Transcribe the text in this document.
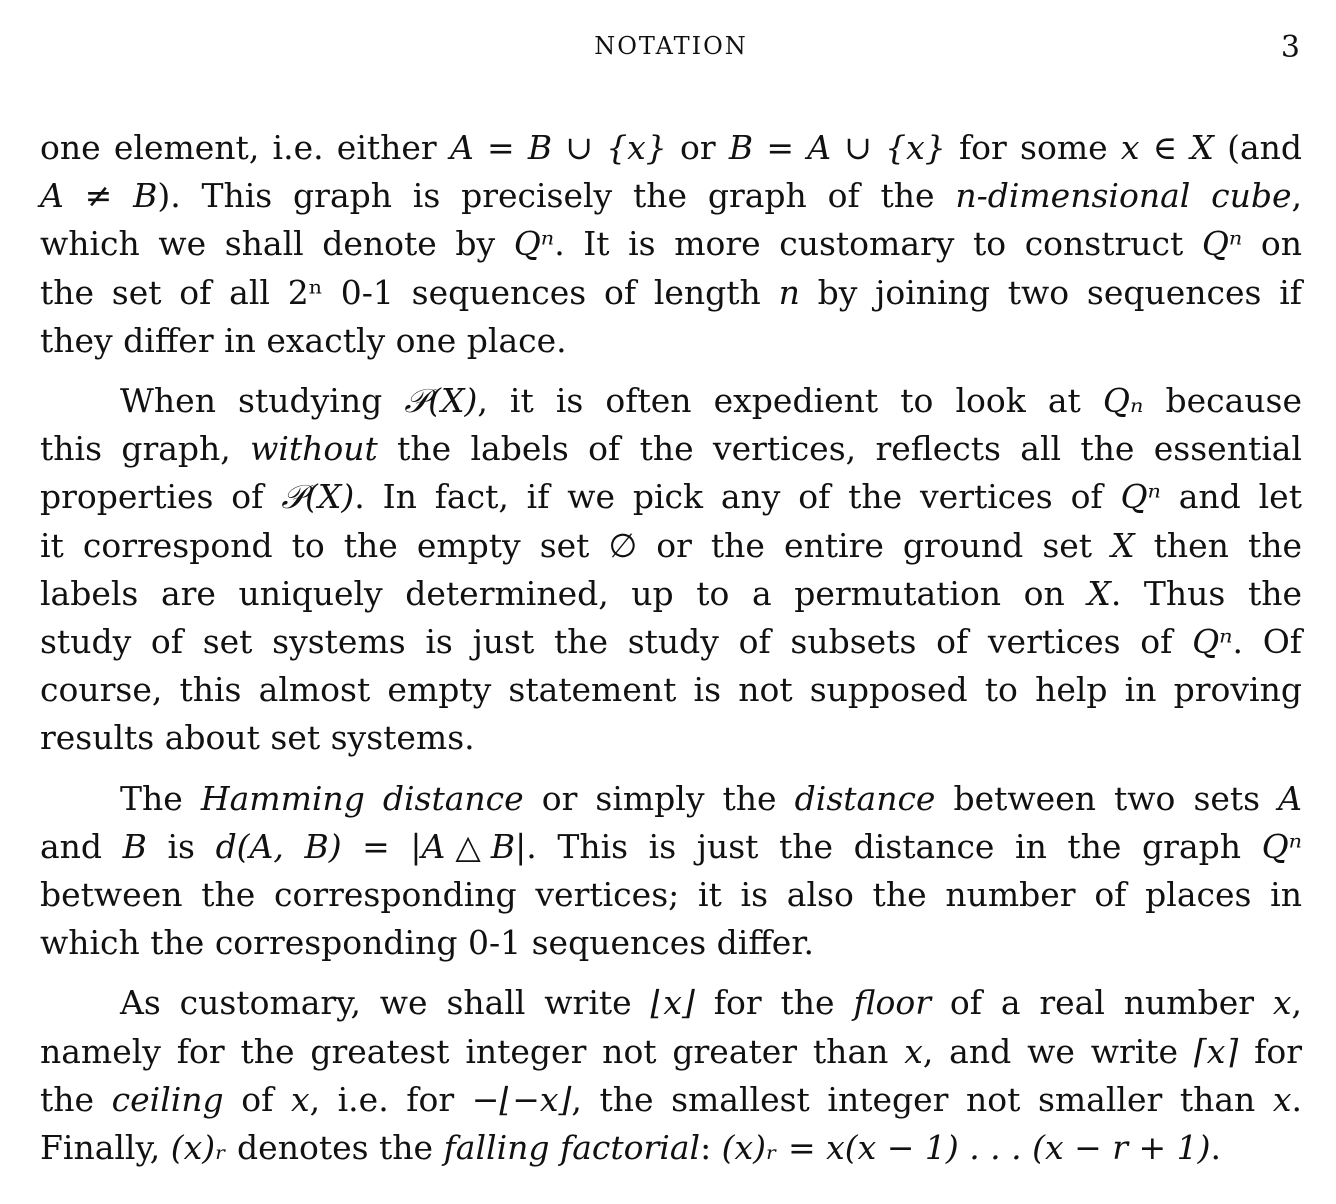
NOTATION	3
one element, i.e. either A = B ∪ {x} or B = A ∪ {x} for some x ∈ X (and
A ≠ B). This graph is precisely the graph of the n-dimensional cube,
which we shall denote by Qⁿ. It is more customary to construct Qⁿ on
the set of all 2ⁿ 0-1 sequences of length n by joining two sequences if
they differ in exactly one place.
When studying 𝒫(X), it is often expedient to look at Qₙ because
this graph, without the labels of the vertices, reflects all the essential
properties of 𝒫(X). In fact, if we pick any of the vertices of Qⁿ and let
it correspond to the empty set ∅ or the entire ground set X then the
labels are uniquely determined, up to a permutation on X. Thus the
study of set systems is just the study of subsets of vertices of Qⁿ. Of
course, this almost empty statement is not supposed to help in proving
results about set systems.
The Hamming distance or simply the distance between two sets A
and B is d(A, B) = |A△B|. This is just the distance in the graph Qⁿ
between the corresponding vertices; it is also the number of places in
which the corresponding 0-1 sequences differ.
As customary, we shall write ⌊x⌋ for the floor of a real number x,
namely for the greatest integer not greater than x, and we write ⌈x⌉ for
the ceiling of x, i.e. for −⌊−x⌋, the smallest integer not smaller than x.
Finally, (x)ᵣ denotes the falling factorial: (x)ᵣ = x(x − 1) . . . (x − r + 1).
